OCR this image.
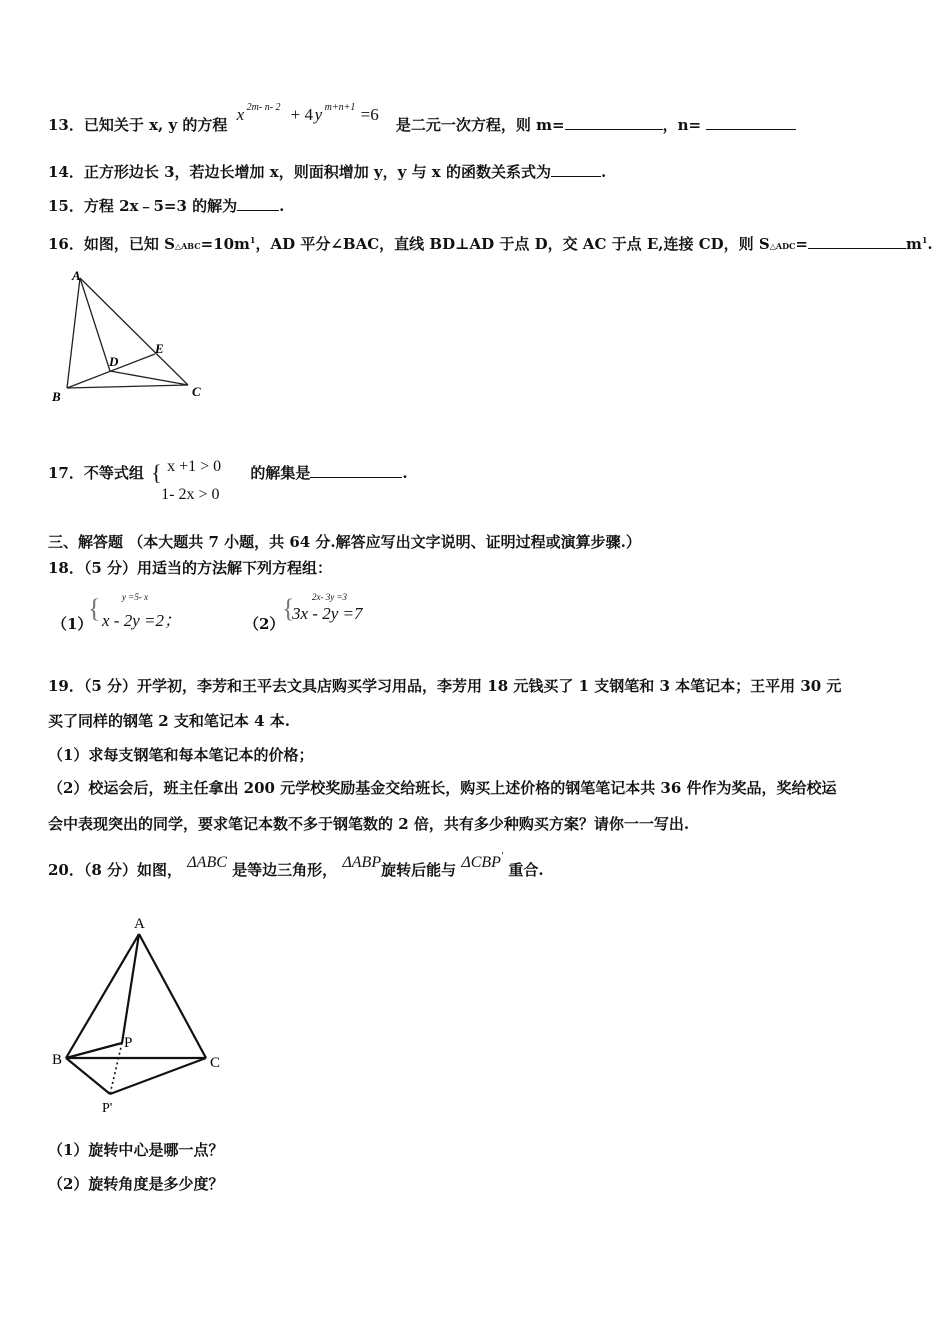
13．已知关于 x, y 的方程
x 2m- n- 2 + 4 y m+n+1 =6
是二元一次方程，则 m=	，n=
14．正方形边长 3，若边长增加 x，则面积增加 y，y 与 x 的函数关系式为	.
15．方程 2x﹣5=3 的解为	.
16．如图，已知 $S\triangle ABC=10m^1$，AD 平分∠BAC，直线 BD⊥AD 于点 D，交 AC 于点 E,连接 CD，则 S△ADC=	$m^1$.
A
B	C
D
E
17．不等式组 { x +1 > 0
1- 2x > 0
的解集是	.
三、解答题 （本大题共 7 小题，共 64 分.解答应写出文字说明、证明过程或演算步骤.）
18．（5 分）用适当的方法解下列方程组：
（1）
{ y =5- x
x - 2y =2；	（2）
{ 2x- 3y =3
3x - 2y =7
19．（5 分）开学初，李芳和王平去文具店购买学习用品，李芳用 18 元钱买了 1 支钢笔和 3 本笔记本；王平用 30 元
买了同样的钢笔 2 支和笔记本 4 本.
（1）求每支钢笔和每本笔记本的价格；
（2）校运会后，班主任拿出 200 元学校奖励基金交给班长，购买上述价格的钢笔笔记本共 36 件作为奖品，奖给校运
会中表现突出的同学，要求笔记本数不多于钢笔数的 2 倍，共有多少种购买方案？请你一一写出.
20．（8 分）如图， ΔABC 是等边三角形， ΔABP旋转后能与 ΔCBP′ 重合.
A
B	C
P
P'
（1）旋转中心是哪一点？
（2）旋转角度是多少度？
